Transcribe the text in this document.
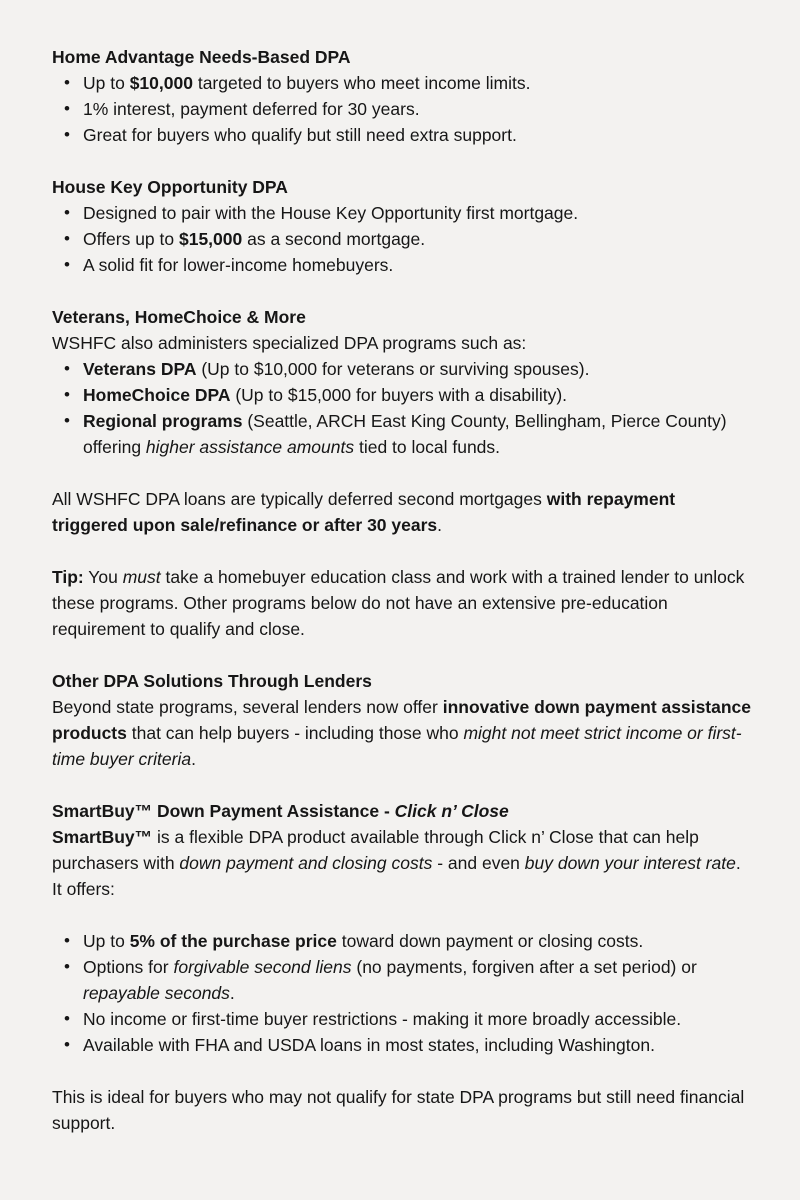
Home Advantage Needs-Based DPA
• Up to $10,000 targeted to buyers who meet income limits.
• 1% interest, payment deferred for 30 years.
• Great for buyers who qualify but still need extra support.
House Key Opportunity DPA
• Designed to pair with the House Key Opportunity first mortgage.
• Offers up to $15,000 as a second mortgage.
• A solid fit for lower-income homebuyers.
Veterans, HomeChoice & More

WSHFC also administers specialized DPA programs such as:

• Veterans DPA (Up to $10,000 for veterans or surviving spouses).
• HomeChoice DPA (Up to $15,000 for buyers with a disability).
• Regional programs (Seattle, ARCH East King County, Bellingham, Pierce County) offering higher assistance amounts tied to local funds.

All WSHFC DPA loans are typically deferred second mortgages with repayment triggered upon sale/refinance or after 30 years.

Tip: You must take a homebuyer education class and work with a trained lender to unlock these programs. Other programs below do not have an extensive pre-education requirement to qualify and close.

Other DPA Solutions Through Lenders

Beyond state programs, several lenders now offer innovative down payment assistance products that can help buyers - including those who might not meet strict income or first-time buyer criteria.

SmartBuy™ Down Payment Assistance - Click n’ Close

SmartBuy™ is a flexible DPA product available through Click n’ Close that can help purchasers with down payment and closing costs - and even buy down your interest rate. It offers:

• Up to 5% of the purchase price toward down payment or closing costs.
• Options for forgivable second liens (no payments, forgiven after a set period) or repayable seconds.
• No income or first-time buyer restrictions - making it more broadly accessible.
• Available with FHA and USDA loans in most states, including Washington.

This is ideal for buyers who may not qualify for state DPA programs but still need financial support.
